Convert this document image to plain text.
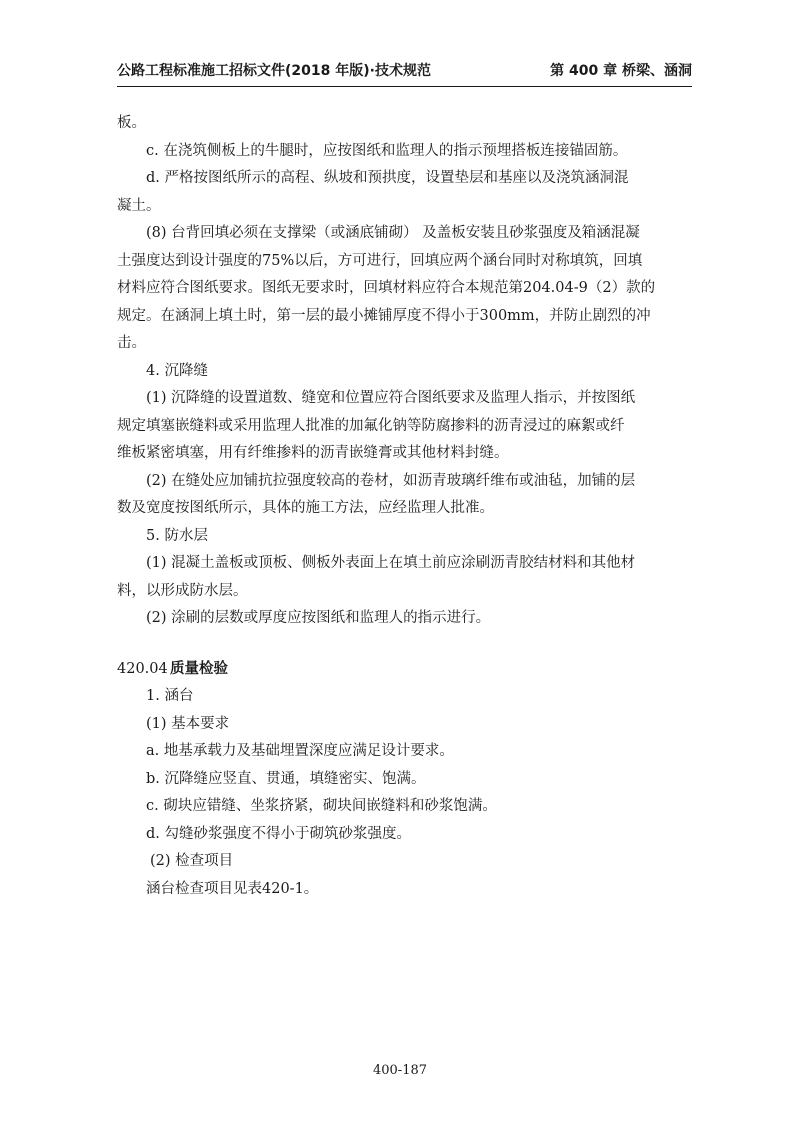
公路工程标准施工招标文件(2018 年版)·技术规范	第 400 章 桥梁、涵洞

板。

c. 在浇筑侧板上的牛腿时，应按图纸和监理人的指示预埋搭板连接锚固筋。

d. 严格按图纸所示的高程、纵坡和预拱度，设置垫层和基座以及浇筑涵洞混

凝土。

(8) 台背回填必须在支撑梁（或涵底铺砌） 及盖板安装且砂浆强度及箱涵混凝

土强度达到设计强度的75%以后，方可进行，回填应两个涵台同时对称填筑，回填

材料应符合图纸要求。图纸无要求时，回填材料应符合本规范第204.04-9（2）款的

规定。在涵洞上填土时，第一层的最小摊铺厚度不得小于300mm，并防止剧烈的冲

击。

4. 沉降缝

(1) 沉降缝的设置道数、缝宽和位置应符合图纸要求及监理人指示，并按图纸

规定填塞嵌缝料或采用监理人批准的加氟化钠等防腐掺料的沥青浸过的麻絮或纤

维板紧密填塞，用有纤维掺料的沥青嵌缝膏或其他材料封缝。

(2) 在缝处应加铺抗拉强度较高的卷材，如沥青玻璃纤维布或油毡，加铺的层

数及宽度按图纸所示，具体的施工方法，应经监理人批准。

5. 防水层

(1) 混凝土盖板或顶板、侧板外表面上在填土前应涂刷沥青胶结材料和其他材

料，以形成防水层。

(2) 涂刷的层数或厚度应按图纸和监理人的指示进行。

420.04 质量检验

1. 涵台

(1) 基本要求

a. 地基承载力及基础埋置深度应满足设计要求。

b. 沉降缝应竖直、贯通，填缝密实、饱满。

c. 砌块应错缝、坐浆挤紧，砌块间嵌缝料和砂浆饱满。

d. 勾缝砂浆强度不得小于砌筑砂浆强度。

(2) 检查项目

涵台检查项目见表420-1。

400-187
